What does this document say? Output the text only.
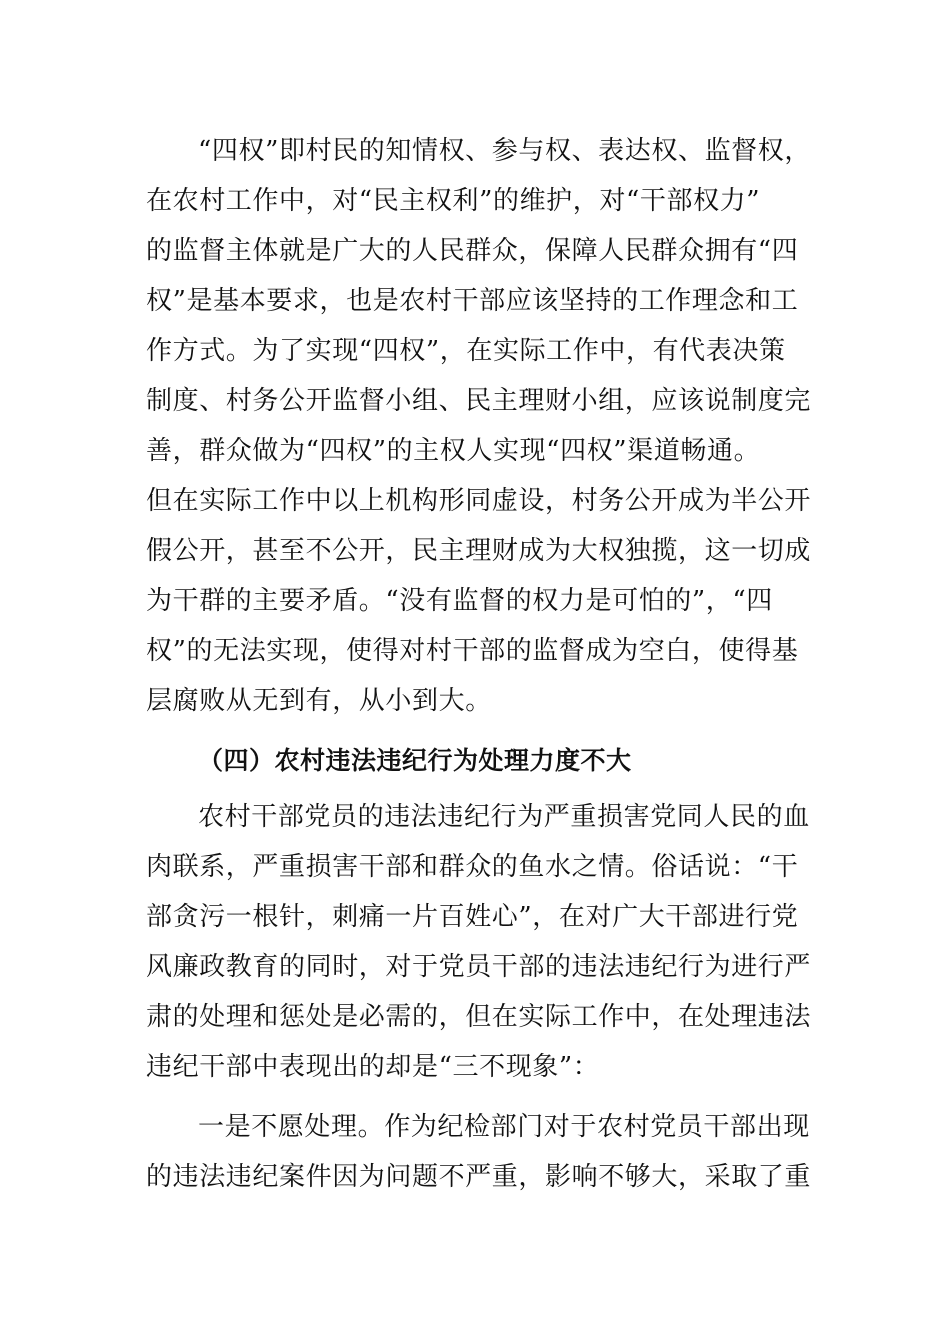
“四权”即村民的知情权、参与权、表达权、监督权，
在农村工作中，对“民主权利”的维护，对“干部权力”
的监督主体就是广大的人民群众，保障人民群众拥有“四
权”是基本要求，也是农村干部应该坚持的工作理念和工
作方式。为了实现“四权”，在实际工作中，有代表决策
制度、村务公开监督小组、民主理财小组，应该说制度完
善，群众做为“四权”的主权人实现“四权”渠道畅通。
但在实际工作中以上机构形同虚设，村务公开成为半公开
假公开，甚至不公开，民主理财成为大权独揽，这一切成
为干群的主要矛盾。“没有监督的权力是可怕的”，“四
权”的无法实现，使得对村干部的监督成为空白，使得基
层腐败从无到有，从小到大。
（四）农村违法违纪行为处理力度不大
农村干部党员的违法违纪行为严重损害党同人民的血
肉联系，严重损害干部和群众的鱼水之情。俗话说：“干
部贪污一根针，刺痛一片百姓心”，在对广大干部进行党
风廉政教育的同时，对于党员干部的违法违纪行为进行严
肃的处理和惩处是必需的，但在实际工作中，在处理违法
违纪干部中表现出的却是“三不现象”：
一是不愿处理。作为纪检部门对于农村党员干部出现
的违法违纪案件因为问题不严重，影响不够大，采取了重
